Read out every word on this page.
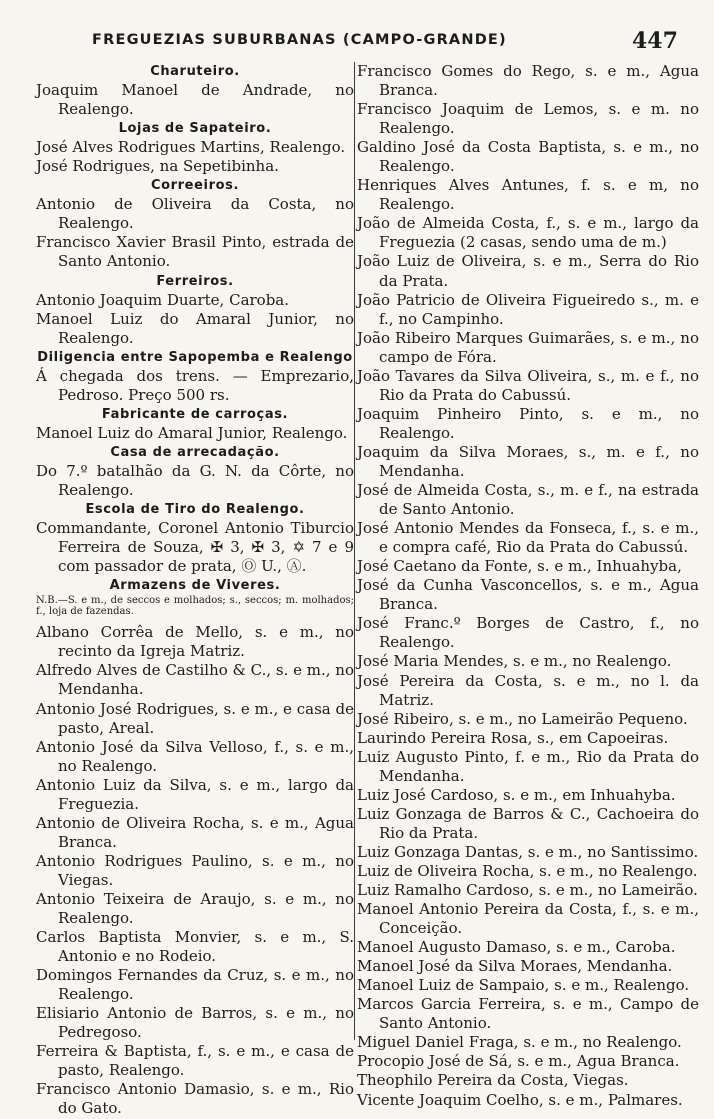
FREGUEZIAS SUBURBANAS (CAMPO-GRANDE)	447
Charuteiro.
Joaquim Manoel de Andrade, no Realengo.
Lojas de Sapateiro.
José Alves Rodrigues Martins, Realengo.
José Rodrigues, na Sepetibinha.
Correeiros.
Antonio de Oliveira da Costa, no Realengo.
Francisco Xavier Brasil Pinto, estrada de Santo Antonio.
Ferreiros.
Antonio Joaquim Duarte, Caroba.
Manoel Luiz do Amaral Junior, no Realengo.
Diligencia entre Sapopemba e Realengo
Á chegada dos trens. — Emprezario, Pedroso. Preço 500 rs.
Fabricante de carroças.
Manoel Luiz do Amaral Junior, Realengo.
Casa de arrecadação.
Do 7.º batalhão da G. N. da Côrte, no Realengo.
Escola de Tiro do Realengo.
Commandante, Coronel Antonio Tiburcio Ferreira de Souza, ✠ 3, ✠ 3, ✡ 7 e 9 com passador de prata, Ⓞ U., Ⓐ.
Armazens de Viveres.
N.B.—S. e m., de seccos e molhados; s., seccos; m. molhados; f., loja de fazendas.
Albano Corrêa de Mello, s. e m., no recinto da Igreja Matriz.
Alfredo Alves de Castilho & C., s. e m., no Mendanha.
Antonio José Rodrigues, s. e m., e casa de pasto, Areal.
Antonio José da Silva Velloso, f., s. e m., no Realengo.
Antonio Luiz da Silva, s. e m., largo da Freguezia.
Antonio de Oliveira Rocha, s. e m., Agua Branca.
Antonio Rodrigues Paulino, s. e m., no Viegas.
Antonio Teixeira de Araujo, s. e m., no Realengo.
Carlos Baptista Monvier, s. e m., S. Antonio e no Rodeio.
Domingos Fernandes da Cruz, s. e m., no Realengo.
Elisiario Antonio de Barros, s. e m., no Pedregoso.
Ferreira & Baptista, f., s. e m., e casa de pasto, Realengo.
Francisco Antonio Damasio, s. e m., Rio do Gato.
Francisco Gomes do Rego, s. e m., Agua Branca.
Francisco Joaquim de Lemos, s. e m. no Realengo.
Galdino José da Costa Baptista, s. e m., no Realengo.
Henriques Alves Antunes, f. s. e m, no Realengo.
João de Almeida Costa, f., s. e m., largo da Freguezia (2 casas, sendo uma de m.)
João Luiz de Oliveira, s. e m., Serra do Rio da Prata.
João Patricio de Oliveira Figueiredo s., m. e f., no Campinho.
João Ribeiro Marques Guimarães, s. e m., no campo de Fóra.
João Tavares da Silva Oliveira, s., m. e f., no Rio da Prata do Cabussú.
Joaquim Pinheiro Pinto, s. e m., no Realengo.
Joaquim da Silva Moraes, s., m. e f., no Mendanha.
José de Almeida Costa, s., m. e f., na estrada de Santo Antonio.
José Antonio Mendes da Fonseca, f., s. e m., e compra café, Rio da Prata do Cabussú.
José Caetano da Fonte, s. e m., Inhuahyba,
José da Cunha Vasconcellos, s. e m., Agua Branca.
José Franc.º Borges de Castro, f., no Realengo.
José Maria Mendes, s. e m., no Realengo.
José Pereira da Costa, s. e m., no l. da Matriz.
José Ribeiro, s. e m., no Lameirão Pequeno.
Laurindo Pereira Rosa, s., em Capoeiras.
Luiz Augusto Pinto, f. e m., Rio da Prata do Mendanha.
Luiz José Cardoso, s. e m., em Inhuahyba.
Luiz Gonzaga de Barros & C., Cachoeira do Rio da Prata.
Luiz Gonzaga Dantas, s. e m., no Santissimo.
Luiz de Oliveira Rocha, s. e m., no Realengo.
Luiz Ramalho Cardoso, s. e m., no Lameirão.
Manoel Antonio Pereira da Costa, f., s. e m., Conceição.
Manoel Augusto Damaso, s. e m., Caroba.
Manoel José da Silva Moraes, Mendanha.
Manoel Luiz de Sampaio, s. e m., Realengo.
Marcos Garcia Ferreira, s. e m., Campo de Santo Antonio.
Miguel Daniel Fraga, s. e m., no Realengo.
Procopio José de Sá, s. e m., Agua Branca.
Theophilo Pereira da Costa, Viegas.
Vicente Joaquim Coelho, s. e m., Palmares.
